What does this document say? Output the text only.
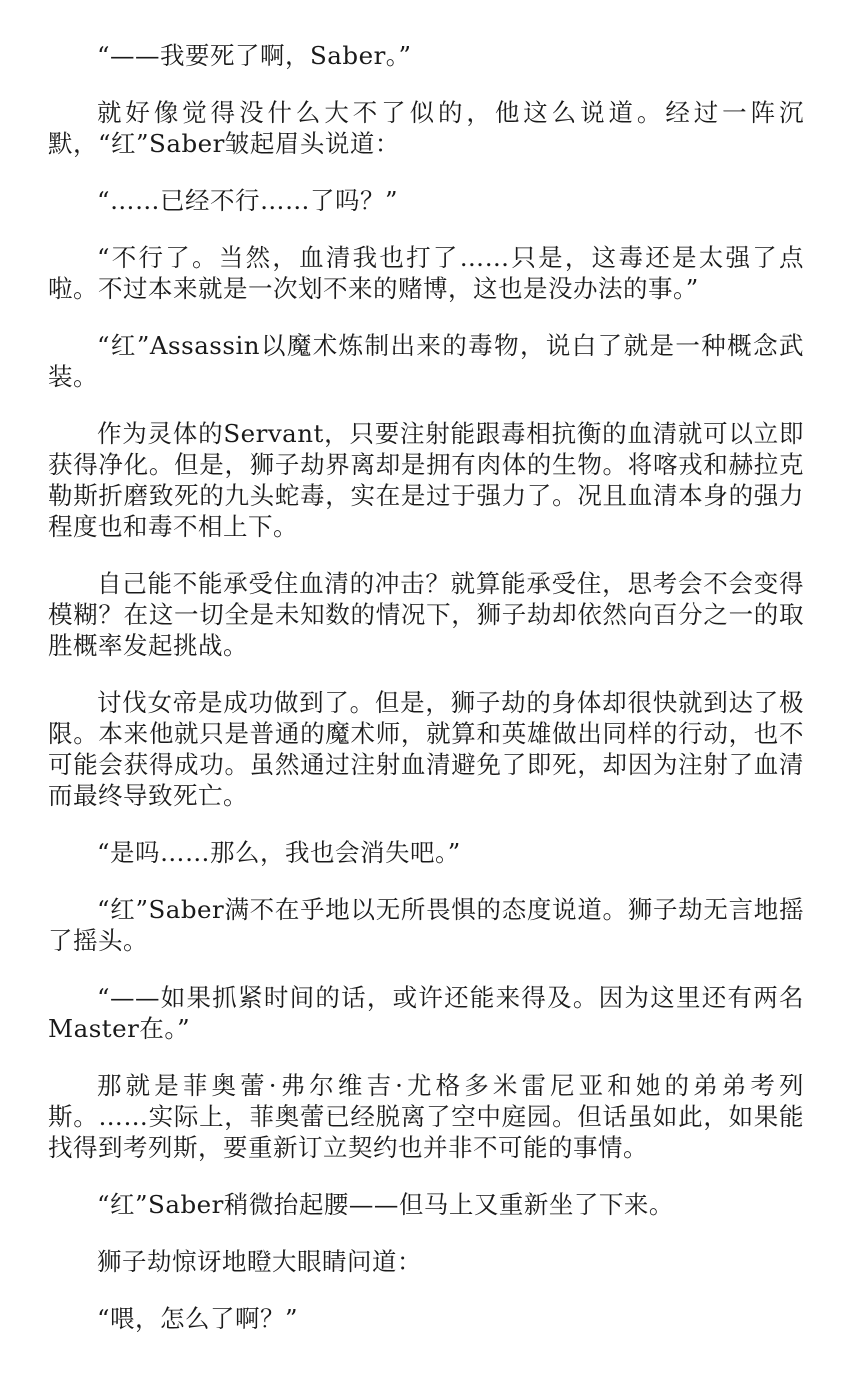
“——我要死了啊，Saber。”

就好像觉得没什么大不了似的，他这么说道。经过一阵沉默，“红”Saber皱起眉头说道：

“……已经不行……了吗？”

“不行了。当然，血清我也打了……只是，这毒还是太强了点啦。不过本来就是一次划不来的赌博，这也是没办法的事。”

“红”Assassin以魔术炼制出来的毒物，说白了就是一种概念武装。

作为灵体的Servant，只要注射能跟毒相抗衡的血清就可以立即获得净化。但是，狮子劫界离却是拥有肉体的生物。将喀戎和赫拉克勒斯折磨致死的九头蛇毒，实在是过于强力了。况且血清本身的强力程度也和毒不相上下。

自己能不能承受住血清的冲击？就算能承受住，思考会不会变得模糊？在这一切全是未知数的情况下，狮子劫却依然向百分之一的取胜概率发起挑战。

讨伐女帝是成功做到了。但是，狮子劫的身体却很快就到达了极限。本来他就只是普通的魔术师，就算和英雄做出同样的行动，也不可能会获得成功。虽然通过注射血清避免了即死，却因为注射了血清而最终导致死亡。

“是吗……那么，我也会消失吧。”

“红”Saber满不在乎地以无所畏惧的态度说道。狮子劫无言地摇了摇头。

“——如果抓紧时间的话，或许还能来得及。因为这里还有两名Master在。”

那就是菲奥蕾·弗尔维吉·尤格多米雷尼亚和她的弟弟考列斯。……实际上，菲奥蕾已经脱离了空中庭园。但话虽如此，如果能找得到考列斯，要重新订立契约也并非不可能的事情。

“红”Saber稍微抬起腰——但马上又重新坐了下来。

狮子劫惊讶地瞪大眼睛问道：

“喂，怎么了啊？”
